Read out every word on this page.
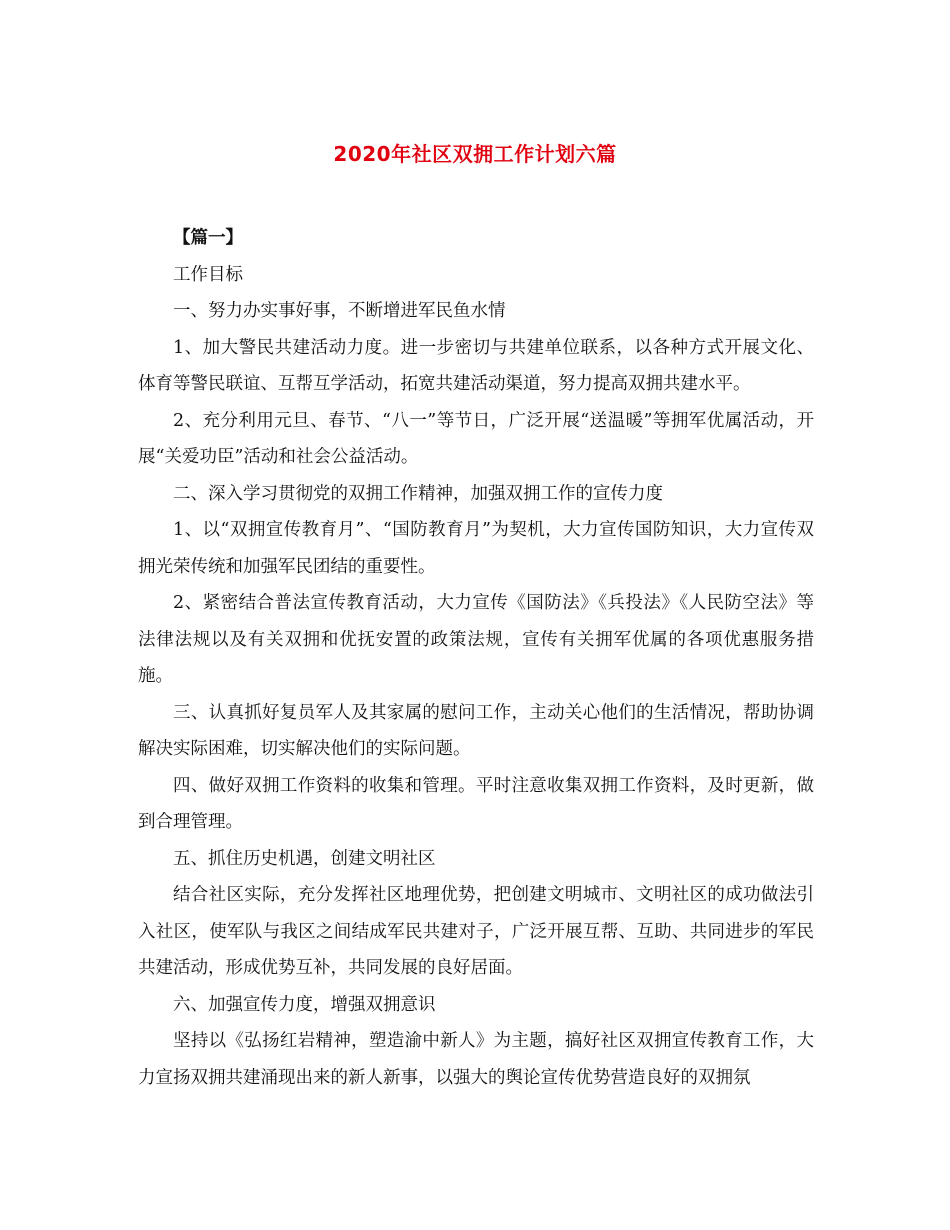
2020年社区双拥工作计划六篇

【篇一】

工作目标

一、努力办实事好事，不断增进军民鱼水情

1、加大警民共建活动力度。进一步密切与共建单位联系，以各种方式开展文化、体育等警民联谊、互帮互学活动，拓宽共建活动渠道，努力提高双拥共建水平。

2、充分利用元旦、春节、“八一”等节日，广泛开展“送温暖”等拥军优属活动，开展“关爱功臣”活动和社会公益活动。

二、深入学习贯彻党的双拥工作精神，加强双拥工作的宣传力度

1、以“双拥宣传教育月”、“国防教育月”为契机，大力宣传国防知识，大力宣传双拥光荣传统和加强军民团结的重要性。

2、紧密结合普法宣传教育活动，大力宣传《国防法》《兵投法》《人民防空法》等法律法规以及有关双拥和优抚安置的政策法规，宣传有关拥军优属的各项优惠服务措施。

三、认真抓好复员军人及其家属的慰问工作，主动关心他们的生活情况，帮助协调解决实际困难，切实解决他们的实际问题。

四、做好双拥工作资料的收集和管理。平时注意收集双拥工作资料，及时更新，做到合理管理。

五、抓住历史机遇，创建文明社区

结合社区实际，充分发挥社区地理优势，把创建文明城市、文明社区的成功做法引入社区，使军队与我区之间结成军民共建对子，广泛开展互帮、互助、共同进步的军民共建活动，形成优势互补，共同发展的良好居面。

六、加强宣传力度，增强双拥意识

坚持以《弘扬红岩精神，塑造渝中新人》为主题，搞好社区双拥宣传教育工作，大力宣扬双拥共建涌现出来的新人新事，以强大的舆论宣传优势营造良好的双拥氛
